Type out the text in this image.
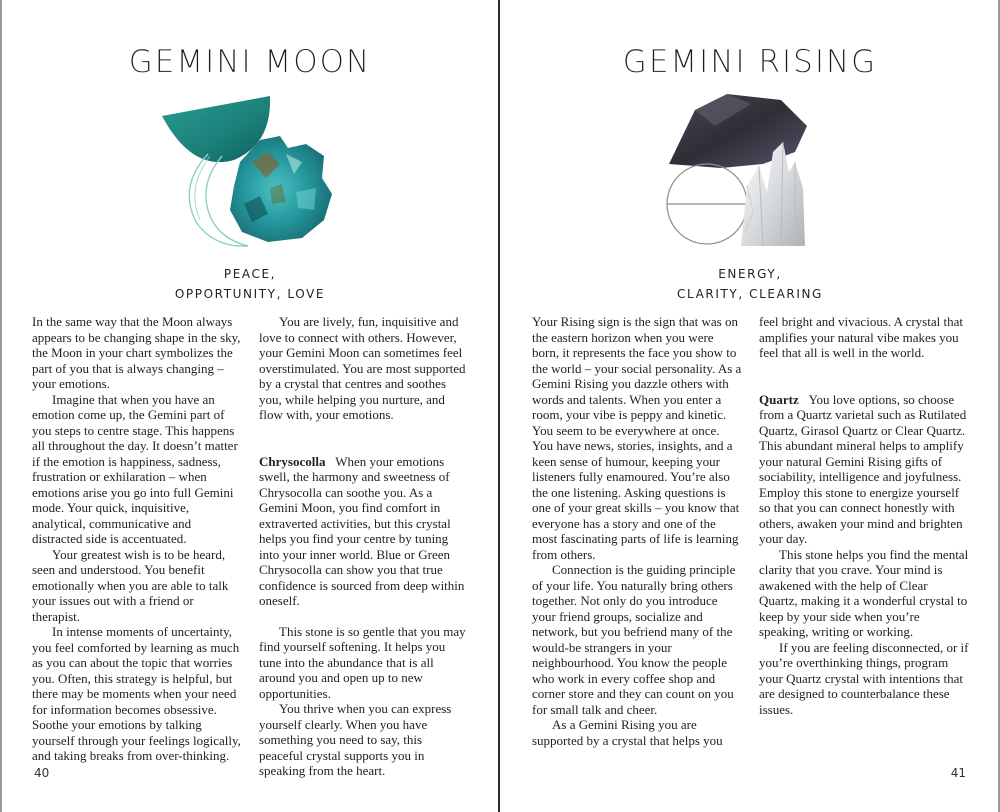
GEMINI MOON
PEACE,
OPPORTUNITY, LOVE

In the same way that the Moon always appears to be changing shape in the sky, the Moon in your chart symbolizes the part of you that is always changing – your emotions.

Imagine that when you have an emotion come up, the Gemini part of you steps to centre stage. This happens all throughout the day. It doesn’t matter if the emotion is happiness, sadness, frustration or exhilaration – when emotions arise you go into full Gemini mode. Your quick, inquisitive, analytical, communicative and distracted side is accentuated.

Your greatest wish is to be heard, seen and understood. You benefit emotionally when you are able to talk your issues out with a friend or therapist.

In intense moments of uncertainty, you feel comforted by learning as much as you can about the topic that worries you. Often, this strategy is helpful, but there may be moments when your need for information becomes obsessive. Soothe your emotions by talking yourself through your feelings logically, and taking breaks from over-thinking.

You are lively, fun, inquisitive and love to connect with others. However, your Gemini Moon can sometimes feel overstimulated. You are most supported by a crystal that centres and soothes you, while helping you nurture, and flow with, your emotions.

Chrysocolla When your emotions swell, the harmony and sweetness of Chrysocolla can soothe you. As a Gemini Moon, you find comfort in extraverted activities, but this crystal helps you find your centre by tuning into your inner world. Blue or Green Chrysocolla can show you that true confidence is sourced from deep within oneself.

This stone is so gentle that you may find yourself softening. It helps you tune into the abundance that is all around you and open up to new opportunities.

You thrive when you can express yourself clearly. When you have something you need to say, this peaceful crystal supports you in speaking from the heart.

40
GEMINI RISING
ENERGY,
CLARITY, CLEARING

Your Rising sign is the sign that was on the eastern horizon when you were born, it represents the face you show to the world – your social personality. As a Gemini Rising you dazzle others with words and talents. When you enter a room, your vibe is peppy and kinetic. You seem to be everywhere at once. You have news, stories, insights, and a keen sense of humour, keeping your listeners fully enamoured. You’re also the one listening. Asking questions is one of your great skills – you know that everyone has a story and one of the most fascinating parts of life is learning from others.

Connection is the guiding principle of your life. You naturally bring others together. Not only do you introduce your friend groups, socialize and network, but you befriend many of the would-be strangers in your neighbourhood. You know the people who work in every coffee shop and corner store and they can count on you for small talk and cheer.

As a Gemini Rising you are supported by a crystal that helps you

feel bright and vivacious. A crystal that amplifies your natural vibe makes you feel that all is well in the world.

Quartz You love options, so choose from a Quartz varietal such as Rutilated Quartz, Girasol Quartz or Clear Quartz. This abundant mineral helps to amplify your natural Gemini Rising gifts of sociability, intelligence and joyfulness. Employ this stone to energize yourself so that you can connect honestly with others, awaken your mind and brighten your day.

This stone helps you find the mental clarity that you crave. Your mind is awakened with the help of Clear Quartz, making it a wonderful crystal to keep by your side when you’re speaking, writing or working.

If you are feeling disconnected, or if you’re overthinking things, program your Quartz crystal with intentions that are designed to counterbalance these issues.

41
